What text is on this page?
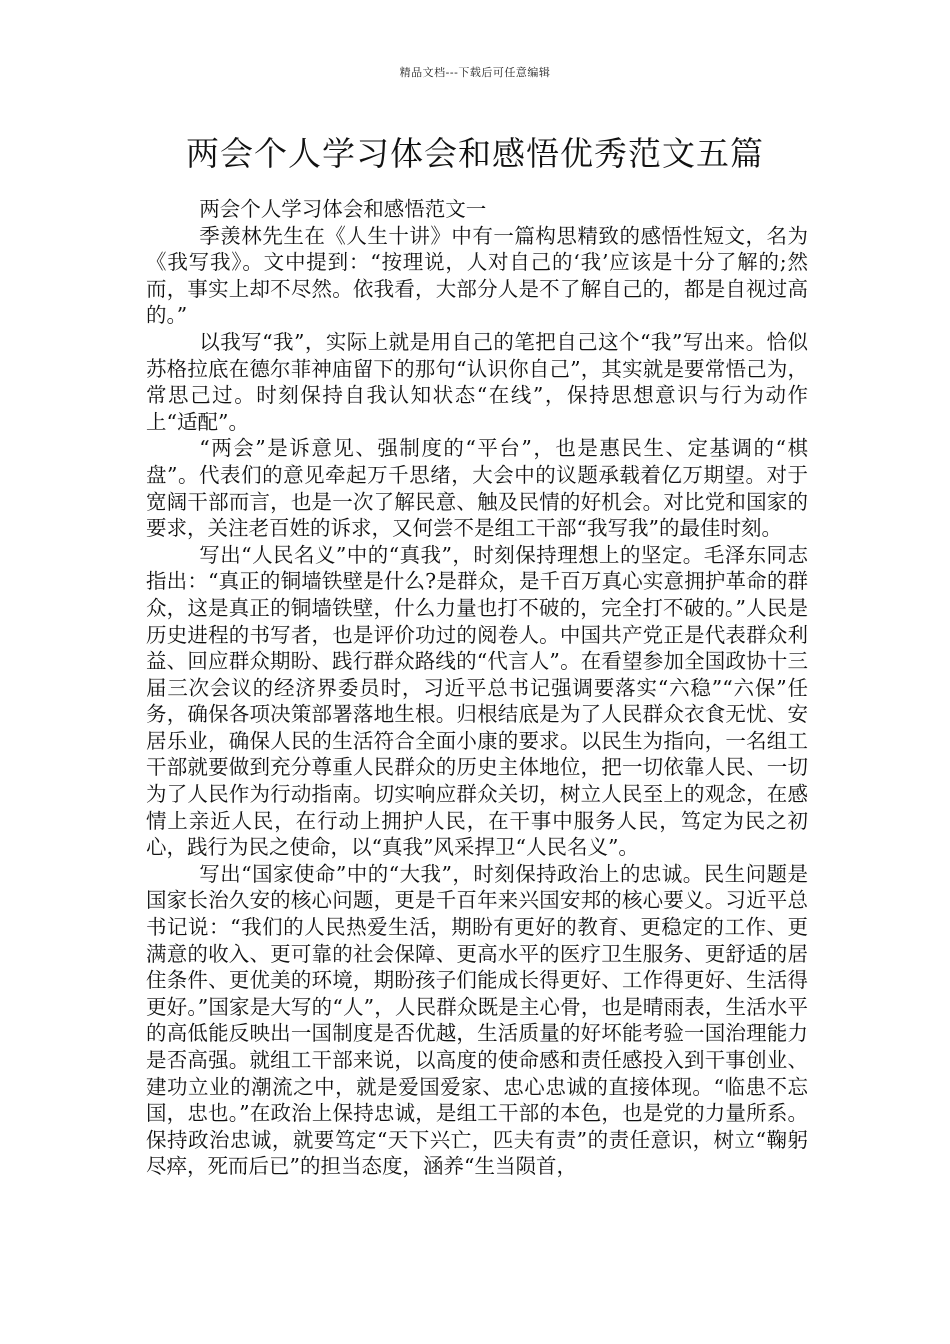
精品文档---下载后可任意编辑
两会个人学习体会和感悟优秀范文五篇

两会个人学习体会和感悟范文一

季羡林先生在《人生十讲》中有一篇构思精致的感悟性短文，名为《我写我》。文中提到：“按理说，人对自己的‘我’应该是十分了解的;然而，事实上却不尽然。依我看，大部分人是不了解自己的，都是自视过高的。”

以我写“我”，实际上就是用自己的笔把自己这个“我”写出来。恰似苏格拉底在德尔菲神庙留下的那句“认识你自己”，其实就是要常悟己为，常思己过。时刻保持自我认知状态“在线”，保持思想意识与行为动作上“适配”。

“两会”是诉意见、强制度的“平台”，也是惠民生、定基调的“棋盘”。代表们的意见牵起万千思绪，大会中的议题承载着亿万期望。对于宽阔干部而言，也是一次了解民意、触及民情的好机会。对比党和国家的要求，关注老百姓的诉求，又何尝不是组工干部“我写我”的最佳时刻。

写出“人民名义”中的“真我”，时刻保持理想上的坚定。毛泽东同志指出：“真正的铜墙铁壁是什么?是群众，是千百万真心实意拥护革命的群众，这是真正的铜墙铁壁，什么力量也打不破的，完全打不破的。”人民是历史进程的书写者，也是评价功过的阅卷人。中国共产党正是代表群众利益、回应群众期盼、践行群众路线的“代言人”。在看望参加全国政协十三届三次会议的经济界委员时，习近平总书记强调要落实“六稳”“六保”任务，确保各项决策部署落地生根。归根结底是为了人民群众衣食无忧、安居乐业，确保人民的生活符合全面小康的要求。以民生为指向，一名组工干部就要做到充分尊重人民群众的历史主体地位，把一切依靠人民、一切为了人民作为行动指南。切实响应群众关切，树立人民至上的观念，在感情上亲近人民，在行动上拥护人民，在干事中服务人民，笃定为民之初心，践行为民之使命，以“真我”风采捍卫“人民名义”。

写出“国家使命”中的“大我”，时刻保持政治上的忠诚。民生问题是国家长治久安的核心问题，更是千百年来兴国安邦的核心要义。习近平总书记说：“我们的人民热爱生活，期盼有更好的教育、更稳定的工作、更满意的收入、更可靠的社会保障、更高水平的医疗卫生服务、更舒适的居住条件、更优美的环境，期盼孩子们能成长得更好、工作得更好、生活得更好。”国家是大写的“人”，人民群众既是主心骨，也是晴雨表，生活水平的高低能反映出一国制度是否优越，生活质量的好坏能考验一国治理能力是否高强。就组工干部来说，以高度的使命感和责任感投入到干事创业、建功立业的潮流之中，就是爱国爱家、忠心忠诚的直接体现。“临患不忘国，忠也。”在政治上保持忠诚，是组工干部的本色，也是党的力量所系。保持政治忠诚，就要笃定“天下兴亡，匹夫有责”的责任意识，树立“鞠躬尽瘁，死而后已”的担当态度，涵养“生当陨首，
